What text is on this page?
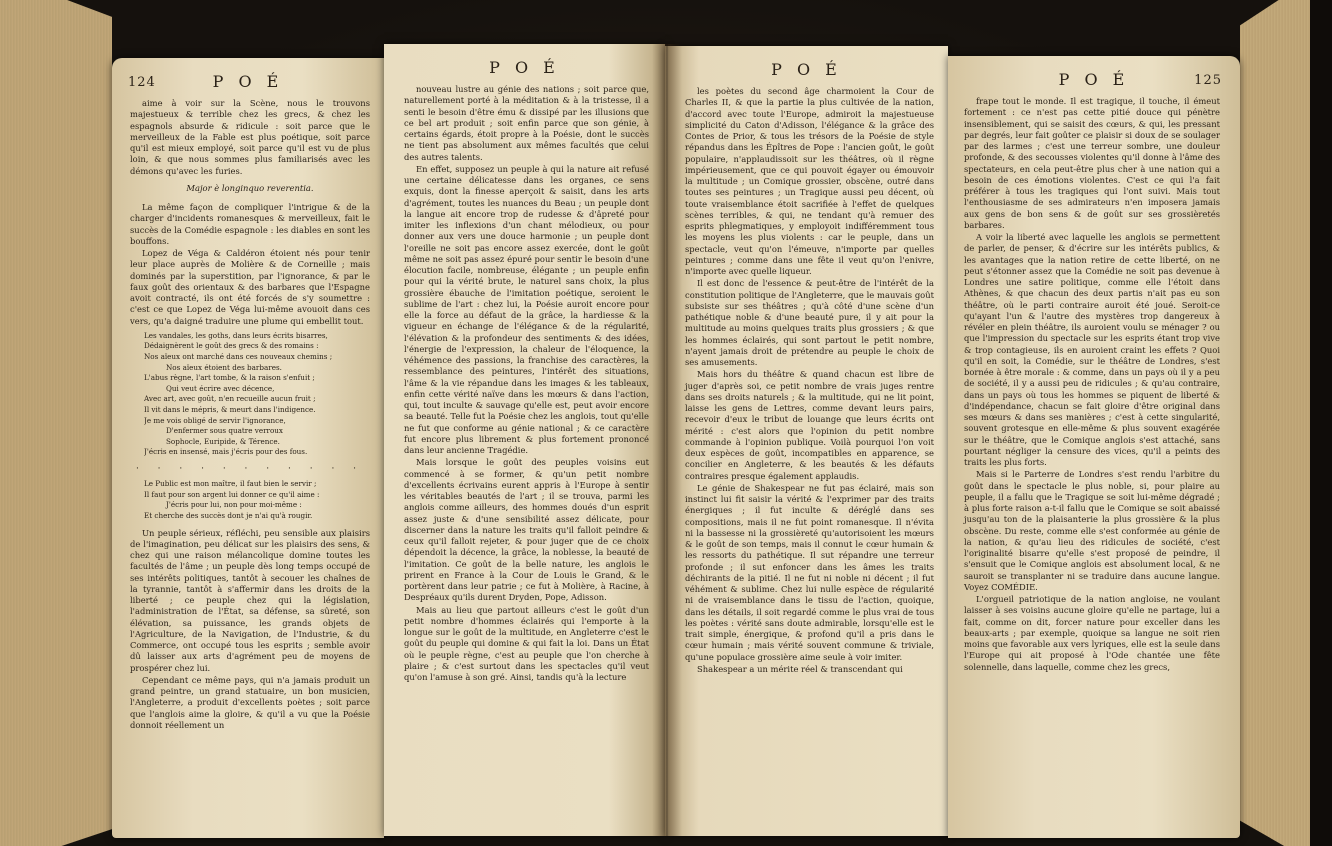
124	P O É

aime à voir sur la Scène, nous le trouvons majestueux & terrible chez les grecs, & chez les espagnols absurde & ridicule : soit parce que le merveilleux de la Fable est plus poétique, soit parce qu'il est mieux employé, soit parce qu'il est vu de plus loin, & que nous sommes plus familiarisés avec les démons qu'avec les furies.

Major è longinquo reverentia.

La même façon de compliquer l'intrigue & de la charger d'incidents romanesques & merveilleux, fait le succès de la Comédie espagnole : les diables en sont les bouffons.

Lopez de Véga & Caldéron étoient nés pour tenir leur place auprès de Molière & de Corneille ; mais dominés par la superstition, par l'ignorance, & par le faux goût des orientaux & des barbares que l'Espagne avoit contracté, ils ont été forcés de s'y soumettre : c'est ce que Lopez de Véga lui-même avouoit dans ces vers, qu'a daigné traduire une plume qui embellit tout.

Les vandales, les goths, dans leurs écrits bisarres,
Dédaignèrent le goût des grecs & des romains :
Nos aïeux ont marché dans ces nouveaux chemins ;
Nos aïeux étoient des barbares.
L'abus règne, l'art tombe, & la raison s'enfuit ;
Qui veut écrire avec décence,
Avec art, avec goût, n'en recueille aucun fruit ;
Il vit dans le mépris, & meurt dans l'indigence.
Je me vois obligé de servir l'ignorance,
D'enfermer sous quatre verroux
Sophocle, Euripide, & Térence.
J'écris en insensé, mais j'écris pour des fous.
· · · · · · · · · · ·
Le Public est mon maître, il faut bien le servir ;
Il faut pour son argent lui donner ce qu'il aime :
J'écris pour lui, non pour moi-même :
Et cherche des succès dont je n'ai qu'à rougir.

Un peuple sérieux, réfléchi, peu sensible aux plaisirs de l'imagination, peu délicat sur les plaisirs des sens, & chez qui une raison mélancolique domine toutes les facultés de l'âme ; un peuple dès long temps occupé de ses intérêts politiques, tantôt à secouer les chaînes de la tyrannie, tantôt à s'affermir dans les droits de la liberté ; ce peuple chez qui la législation, l'administration de l'État, sa défense, sa sûreté, son élévation, sa puissance, les grands objets de l'Agriculture, de la Navigation, de l'Industrie, & du Commerce, ont occupé tous les esprits ; semble avoir dû laisser aux arts d'agrément peu de moyens de prospérer chez lui.

Cependant ce même pays, qui n'a jamais produit un grand peintre, un grand statuaire, un bon musicien, l'Angleterre, a produit d'excellents poètes ; soit parce que l'anglois aime la gloire, & qu'il a vu que la Poésie donnoit réellement un

P O É

nouveau lustre au génie des nations ; soit parce que, naturellement porté à la méditation & à la tristesse, il a senti le besoin d'être ému & dissipé par les illusions que ce bel art produit ; soit enfin parce que son génie, à certains égards, étoit propre à la Poésie, dont le succès ne tient pas absolument aux mêmes facultés que celui des autres talents.

En effet, supposez un peuple à qui la nature ait refusé une certaine délicatesse dans les organes, ce sens exquis, dont la finesse aperçoit & saisit, dans les arts d'agrément, toutes les nuances du Beau ; un peuple dont la langue ait encore trop de rudesse & d'âpreté pour imiter les inflexions d'un chant mélodieux, ou pour donner aux vers une douce harmonie ; un peuple dont l'oreille ne soit pas encore assez exercée, dont le goût même ne soit pas assez épuré pour sentir le besoin d'une élocution facile, nombreuse, élégante ; un peuple enfin pour qui la vérité brute, le naturel sans choix, la plus grossière ébauche de l'imitation poétique, seroient le sublime de l'art : chez lui, la Poésie auroit encore pour elle la force au défaut de la grâce, la hardiesse & la vigueur en échange de l'élégance & de la régularité, l'élévation & la profondeur des sentiments & des idées, l'énergie de l'expression, la chaleur de l'éloquence, la véhémence des passions, la franchise des caractères, la ressemblance des peintures, l'intérêt des situations, l'âme & la vie répandue dans les images & les tableaux, enfin cette vérité naïve dans les mœurs & dans l'action, qui, tout inculte & sauvage qu'elle est, peut avoir encore sa beauté. Telle fut la Poésie chez les anglois, tout qu'elle ne fut que conforme au génie national ; & ce caractère fut encore plus librement & plus fortement prononcé dans leur ancienne Tragédie.

Mais lorsque le goût des peuples voisins eut commencé à se former, & qu'un petit nombre d'excellents écrivains eurent appris à l'Europe à sentir les véritables beautés de l'art ; il se trouva, parmi les anglois comme ailleurs, des hommes doués d'un esprit assez juste & d'une sensibilité assez délicate, pour discerner dans la nature les traits qu'il falloit peindre & ceux qu'il falloit rejeter, & pour juger que de ce choix dépendoit la décence, la grâce, la noblesse, la beauté de l'imitation. Ce goût de la belle nature, les anglois le prirent en France à la Cour de Louis le Grand, & le portèrent dans leur patrie ; ce fut à Molière, à Racine, à Despréaux qu'ils durent Dryden, Pope, Adisson.

Mais au lieu que partout ailleurs c'est le goût d'un petit nombre d'hommes éclairés qui l'emporte à la longue sur le goût de la multitude, en Angleterre c'est le goût du peuple qui domine & qui fait la loi. Dans un État où le peuple règne, c'est au peuple que l'on cherche à plaire ; & c'est surtout dans les spectacles qu'il veut qu'on l'amuse à son gré. Ainsi, tandis qu'à la lecture

P O É

les poètes du second âge charmoient la Cour de Charles II, & que la partie la plus cultivée de la nation, d'accord avec toute l'Europe, admiroit la majestueuse simplicité du Caton d'Adisson, l'élégance & la grâce des Contes de Prior, & tous les trésors de la Poésie de style répandus dans les Épîtres de Pope : l'ancien goût, le goût populaire, n'applaudissoit sur les théâtres, où il règne impérieusement, que ce qui pouvoit égayer ou émouvoir la multitude ; un Comique grossier, obscène, outré dans toutes ses peintures ; un Tragique aussi peu décent, où toute vraisemblance étoit sacrifiée à l'effet de quelques scènes terribles, & qui, ne tendant qu'à remuer des esprits phlegmatiques, y employoit indifféremment tous les moyens les plus violents : car le peuple, dans un spectacle, veut qu'on l'émeuve, n'importe par quelles peintures ; comme dans une fête il veut qu'on l'enivre, n'importe avec quelle liqueur.

Il est donc de l'essence & peut-être de l'intérêt de la constitution politique de l'Angleterre, que le mauvais goût subsiste sur ses théâtres ; qu'à côté d'une scène d'un pathétique noble & d'une beauté pure, il y ait pour la multitude au moins quelques traits plus grossiers ; & que les hommes éclairés, qui sont partout le petit nombre, n'ayent jamais droit de prétendre au peuple le choix de ses amusements.

Mais hors du théâtre & quand chacun est libre de juger d'après soi, ce petit nombre de vrais juges rentre dans ses droits naturels ; & la multitude, qui ne lit point, laisse les gens de Lettres, comme devant leurs pairs, recevoir d'eux le tribut de louange que leurs écrits ont mérité : c'est alors que l'opinion du petit nombre commande à l'opinion publique. Voilà pourquoi l'on voit deux espèces de goût, incompatibles en apparence, se concilier en Angleterre, & les beautés & les défauts contraires presque également applaudis.

Le génie de Shakespear ne fut pas éclairé, mais son instinct lui fit saisir la vérité & l'exprimer par des traits énergiques ; il fut inculte & déréglé dans ses compositions, mais il ne fut point romanesque. Il n'évita ni la bassesse ni la grossièreté qu'autorisoient les mœurs & le goût de son temps, mais il connut le cœur humain & les ressorts du pathétique. Il sut répandre une terreur profonde ; il sut enfoncer dans les âmes les traits déchirants de la pitié. Il ne fut ni noble ni décent ; il fut véhément & sublime. Chez lui nulle espèce de régularité ni de vraisemblance dans le tissu de l'action, quoique, dans les détails, il soit regardé comme le plus vrai de tous les poètes : vérité sans doute admirable, lorsqu'elle est le trait simple, énergique, & profond qu'il a pris dans le cœur humain ; mais vérité souvent commune & triviale, qu'une populace grossière aime seule à voir imiter.

Shakespear a un mérite réel & transcendant qui

P O É	125

frape tout le monde. Il est tragique, il touche, il émeut fortement : ce n'est pas cette pitié douce qui pénètre insensiblement, qui se saisit des cœurs, & qui, les pressant par degrés, leur fait goûter ce plaisir si doux de se soulager par des larmes ; c'est une terreur sombre, une douleur profonde, & des secousses violentes qu'il donne à l'âme des spectateurs, en cela peut-être plus cher à une nation qui a besoin de ces émotions violentes. C'est ce qui l'a fait préférer à tous les tragiques qui l'ont suivi. Mais tout l'enthousiasme de ses admirateurs n'en imposera jamais aux gens de bon sens & de goût sur ses grossièretés barbares.

A voir la liberté avec laquelle les anglois se permettent de parler, de penser, & d'écrire sur les intérêts publics, & les avantages que la nation retire de cette liberté, on ne peut s'étonner assez que la Comédie ne soit pas devenue à Londres une satire politique, comme elle l'étoit dans Athènes, & que chacun des deux partis n'ait pas eu son théâtre, où le parti contraire auroit été joué. Seroit-ce qu'ayant l'un & l'autre des mystères trop dangereux à révéler en plein théâtre, ils auroient voulu se ménager ? ou que l'impression du spectacle sur les esprits étant trop vive & trop contagieuse, ils en auroient craint les effets ? Quoi qu'il en soit, la Comédie, sur le théâtre de Londres, s'est bornée à être morale : & comme, dans un pays où il y a peu de société, il y a aussi peu de ridicules ; & qu'au contraire, dans un pays où tous les hommes se piquent de liberté & d'indépendance, chacun se fait gloire d'être original dans ses mœurs & dans ses manières ; c'est à cette singularité, souvent grotesque en elle-même & plus souvent exagérée sur le théâtre, que le Comique anglois s'est attaché, sans pourtant négliger la censure des vices, qu'il a peints des traits les plus forts.

Mais si le Parterre de Londres s'est rendu l'arbitre du goût dans le spectacle le plus noble, si, pour plaire au peuple, il a fallu que le Tragique se soit lui-même dégradé ; à plus forte raison a-t-il fallu que le Comique se soit abaissé jusqu'au ton de la plaisanterie la plus grossière & la plus obscène. Du reste, comme elle s'est conformée au génie de la nation, & qu'au lieu des ridicules de société, c'est l'originalité bisarre qu'elle s'est proposé de peindre, il s'ensuit que le Comique anglois est absolument local, & ne sauroit se transplanter ni se traduire dans aucune langue. Voyez COMÉDIE.

L'orgueil patriotique de la nation angloise, ne voulant laisser à ses voisins aucune gloire qu'elle ne partage, lui a fait, comme on dit, forcer nature pour exceller dans les beaux-arts ; par exemple, quoique sa langue ne soit rien moins que favorable aux vers lyriques, elle est la seule dans l'Europe qui ait proposé à l'Ode chantée une fête solennelle, dans laquelle, comme chez les grecs,
